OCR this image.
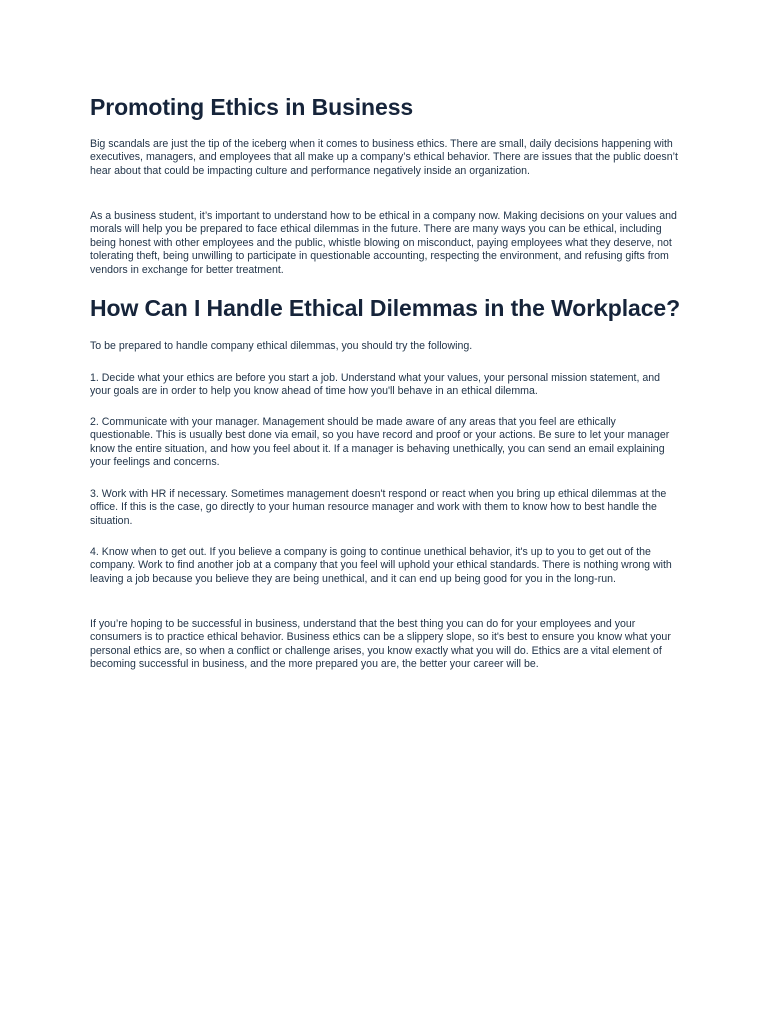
Promoting Ethics in Business

Big scandals are just the tip of the iceberg when it comes to business ethics. There are small, daily decisions happening with executives, managers, and employees that all make up a company’s ethical behavior. There are issues that the public doesn’t hear about that could be impacting culture and performance negatively inside an organization.

As a business student, it’s important to understand how to be ethical in a company now. Making decisions on your values and morals will help you be prepared to face ethical dilemmas in the future. There are many ways you can be ethical, including being honest with other employees and the public, whistle blowing on misconduct, paying employees what they deserve, not tolerating theft, being unwilling to participate in questionable accounting, respecting the environment, and refusing gifts from vendors in exchange for better treatment.

How Can I Handle Ethical Dilemmas in the Workplace?

To be prepared to handle company ethical dilemmas, you should try the following.

1. Decide what your ethics are before you start a job. Understand what your values, your personal mission statement, and your goals are in order to help you know ahead of time how you'll behave in an ethical dilemma.

2. Communicate with your manager. Management should be made aware of any areas that you feel are ethically questionable. This is usually best done via email, so you have record and proof or your actions. Be sure to let your manager know the entire situation, and how you feel about it. If a manager is behaving unethically, you can send an email explaining your feelings and concerns.

3. Work with HR if necessary. Sometimes management doesn't respond or react when you bring up ethical dilemmas at the office. If this is the case, go directly to your human resource manager and work with them to know how to best handle the situation.

4. Know when to get out. If you believe a company is going to continue unethical behavior, it's up to you to get out of the company. Work to find another job at a company that you feel will uphold your ethical standards. There is nothing wrong with leaving a job because you believe they are being unethical, and it can end up being good for you in the long-run.

If you’re hoping to be successful in business, understand that the best thing you can do for your employees and your consumers is to practice ethical behavior. Business ethics can be a slippery slope, so it's best to ensure you know what your personal ethics are, so when a conflict or challenge arises, you know exactly what you will do. Ethics are a vital element of becoming successful in business, and the more prepared you are, the better your career will be.
